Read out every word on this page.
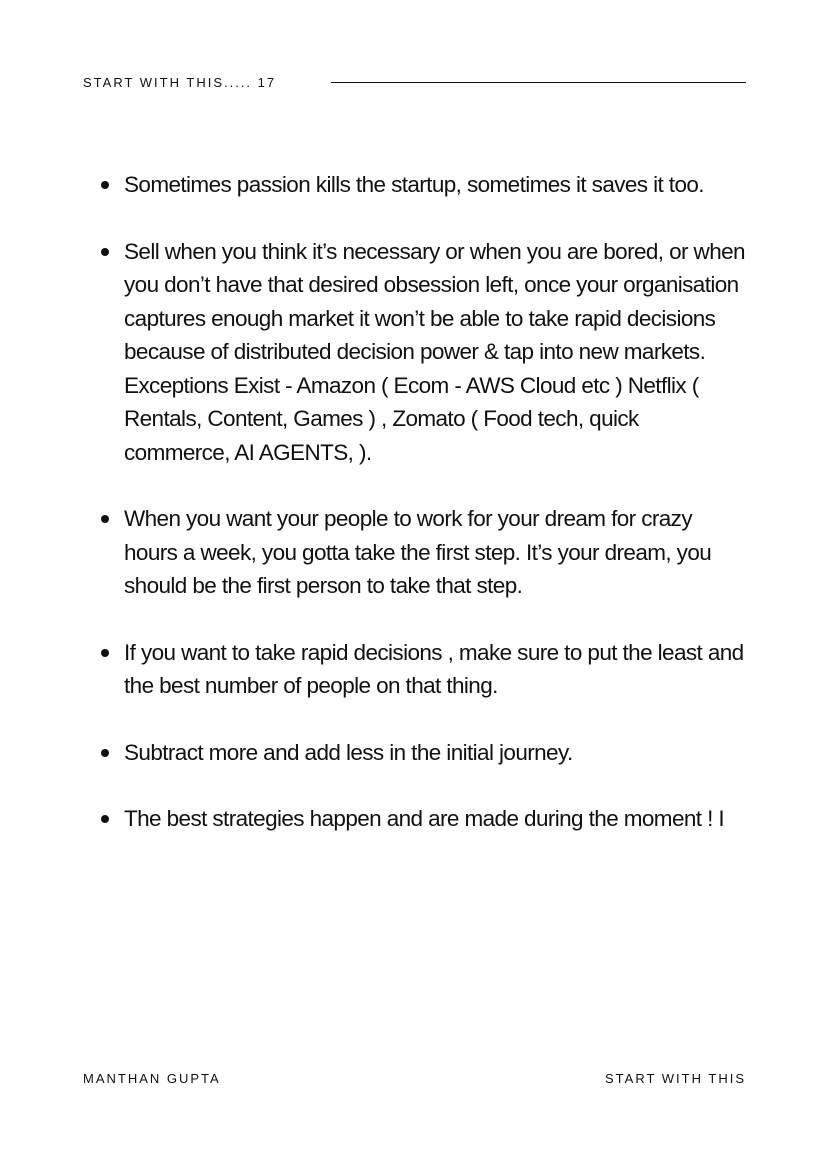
START WITH THIS..... 17
Sometimes passion kills the startup, sometimes it saves it too.
Sell when you think it’s necessary or when you are bored, or when you don’t have that desired obsession left, once your organisation captures enough market it won’t be able to take rapid decisions because of distributed decision power & tap into new markets. Exceptions Exist - Amazon ( Ecom - AWS Cloud etc ) Netflix ( Rentals, Content, Games ) , Zomato ( Food tech, quick commerce, AI AGENTS, ).
When you want your people to work for your dream for crazy hours a week, you gotta take the first step. It’s your dream, you should be the first person to take that step.
If you want to take rapid decisions , make sure to put the least and the best number of people on that thing.
Subtract more and add less in the initial journey.
The best strategies happen and are made during the moment ! I
MANTHAN GUPTA	START WITH THIS
